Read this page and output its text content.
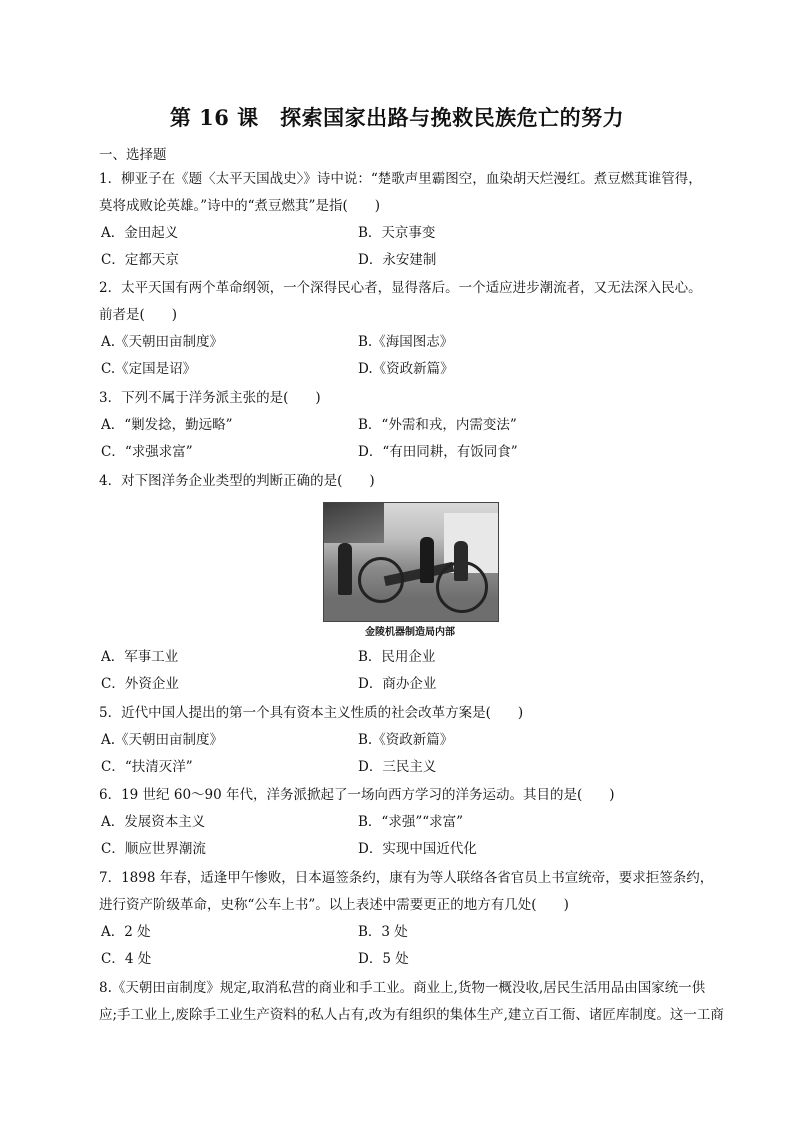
第 16 课　探索国家出路与挽救民族危亡的努力
一、选择题
1．柳亚子在《题〈太平天国战史〉》诗中说：“楚歌声里霸图空，血染胡天烂漫红。煮豆燃萁谁管得，
莫将成败论英雄。”诗中的“煮豆燃萁”是指(　　)
A．金田起义	B．天京事变
C．定都天京	D．永安建制
2．太平天国有两个革命纲领，一个深得民心者，显得落后。一个适应进步潮流者，又无法深入民心。
前者是(　　)
A.《天朝田亩制度》	B.《海国图志》
C.《定国是诏》	D.《资政新篇》
3．下列不属于洋务派主张的是(　　)
A．“剿发捻，勤远略”	B．“外需和戎，内需变法”
C．“求强求富”	D．“有田同耕，有饭同食”
4．对下图洋务企业类型的判断正确的是(　　)
金陵机器制造局内部
A．军事工业	B．民用企业
C．外资企业	D．商办企业
5．近代中国人提出的第一个具有资本主义性质的社会改革方案是(　　)
A.《天朝田亩制度》	B.《资政新篇》
C．“扶清灭洋”	D．三民主义
6．19 世纪 60～90 年代，洋务派掀起了一场向西方学习的洋务运动。其目的是(　　)
A．发展资本主义	B．“求强”“求富”
C．顺应世界潮流	D．实现中国近代化
7．1898 年春，适逢甲午惨败，日本逼签条约，康有为等人联络各省官员上书宣统帝，要求拒签条约，
进行资产阶级革命，史称“公车上书”。以上表述中需要更正的地方有几处(　　)
A．2 处	B．3 处
C．4 处	D．5 处
8.《天朝田亩制度》规定,取消私营的商业和手工业。商业上,货物一概没收,居民生活用品由国家统一供
应;手工业上,废除手工业生产资料的私人占有,改为有组织的集体生产,建立百工衙、诸匠库制度。这一工商
